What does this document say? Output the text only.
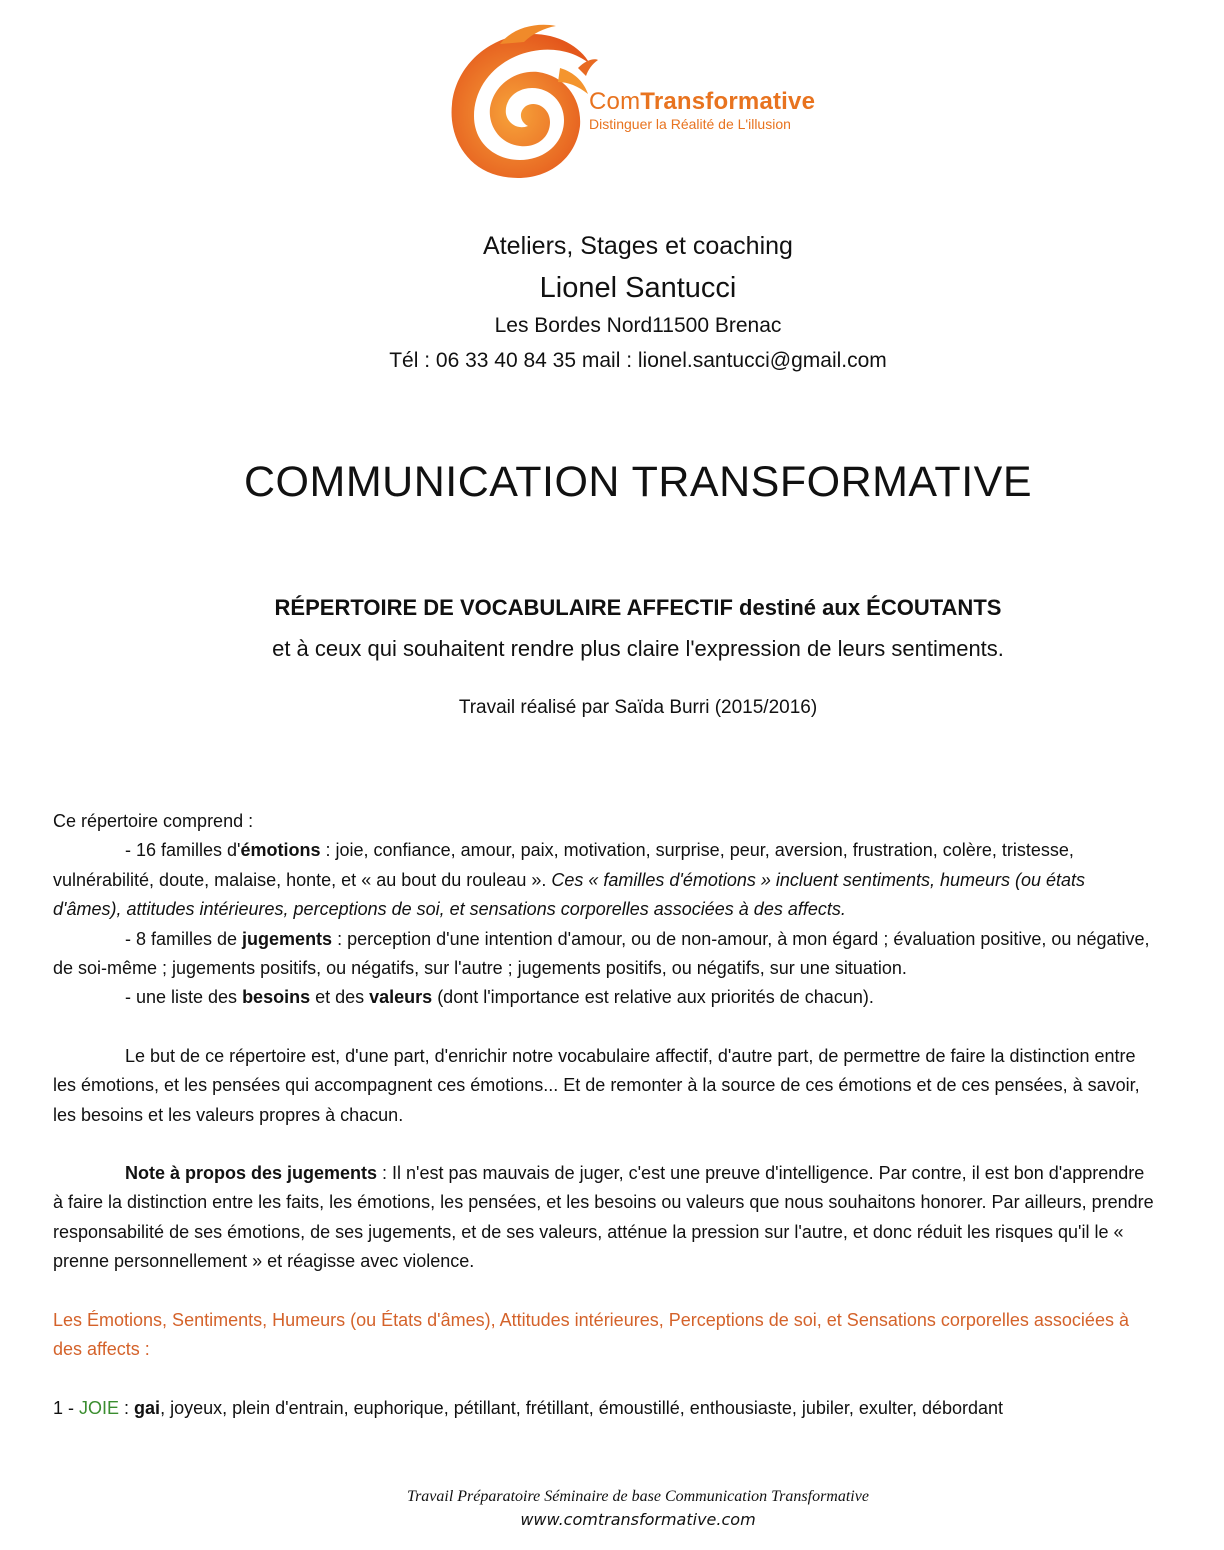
ComTransformative
Distinguer la Réalité de L'illusion
Ateliers, Stages et coaching
Lionel Santucci
Les Bordes Nord11500 Brenac
Tél : 06 33 40 84 35 mail : lionel.santucci@gmail.com
COMMUNICATION TRANSFORMATIVE
RÉPERTOIRE DE VOCABULAIRE AFFECTIF destiné aux ÉCOUTANTS
et à ceux qui souhaitent rendre plus claire l'expression de leurs sentiments.
Travail réalisé par Saïda Burri (2015/2016)

Ce répertoire comprend :

- 16 familles d'émotions : joie, confiance, amour, paix, motivation, surprise, peur, aversion, frustration, colère, tristesse, vulnérabilité, doute, malaise, honte, et « au bout du rouleau ». Ces « familles d'émotions » incluent sentiments, humeurs (ou états d'âmes), attitudes intérieures, perceptions de soi, et sensations corporelles associées à des affects.

- 8 familles de jugements : perception d'une intention d'amour, ou de non-amour, à mon égard ; évaluation positive, ou négative, de soi-même ; jugements positifs, ou négatifs, sur l'autre ; jugements positifs, ou négatifs, sur une situation.

- une liste des besoins et des valeurs (dont l'importance est relative aux priorités de chacun).

Le but de ce répertoire est, d'une part, d'enrichir notre vocabulaire affectif, d'autre part, de permettre de faire la distinction entre les émotions, et les pensées qui accompagnent ces émotions... Et de remonter à la source de ces émotions et de ces pensées, à savoir, les besoins et les valeurs propres à chacun.

Note à propos des jugements : Il n'est pas mauvais de juger, c'est une preuve d'intelligence. Par contre, il est bon d'apprendre à faire la distinction entre les faits, les émotions, les pensées, et les besoins ou valeurs que nous souhaitons honorer. Par ailleurs, prendre responsabilité de ses émotions, de ses jugements, et de ses valeurs, atténue la pression sur l'autre, et donc réduit les risques qu'il le « prenne personnellement » et réagisse avec violence.

Les Émotions, Sentiments, Humeurs (ou États d'âmes), Attitudes intérieures, Perceptions de soi, et Sensations corporelles associées à des affects :

1 - JOIE : gai, joyeux, plein d'entrain, euphorique, pétillant, frétillant, émoustillé, enthousiaste, jubiler, exulter, débordant

Travail Préparatoire Séminaire de base Communication Transformative
www.comtransformative.com
